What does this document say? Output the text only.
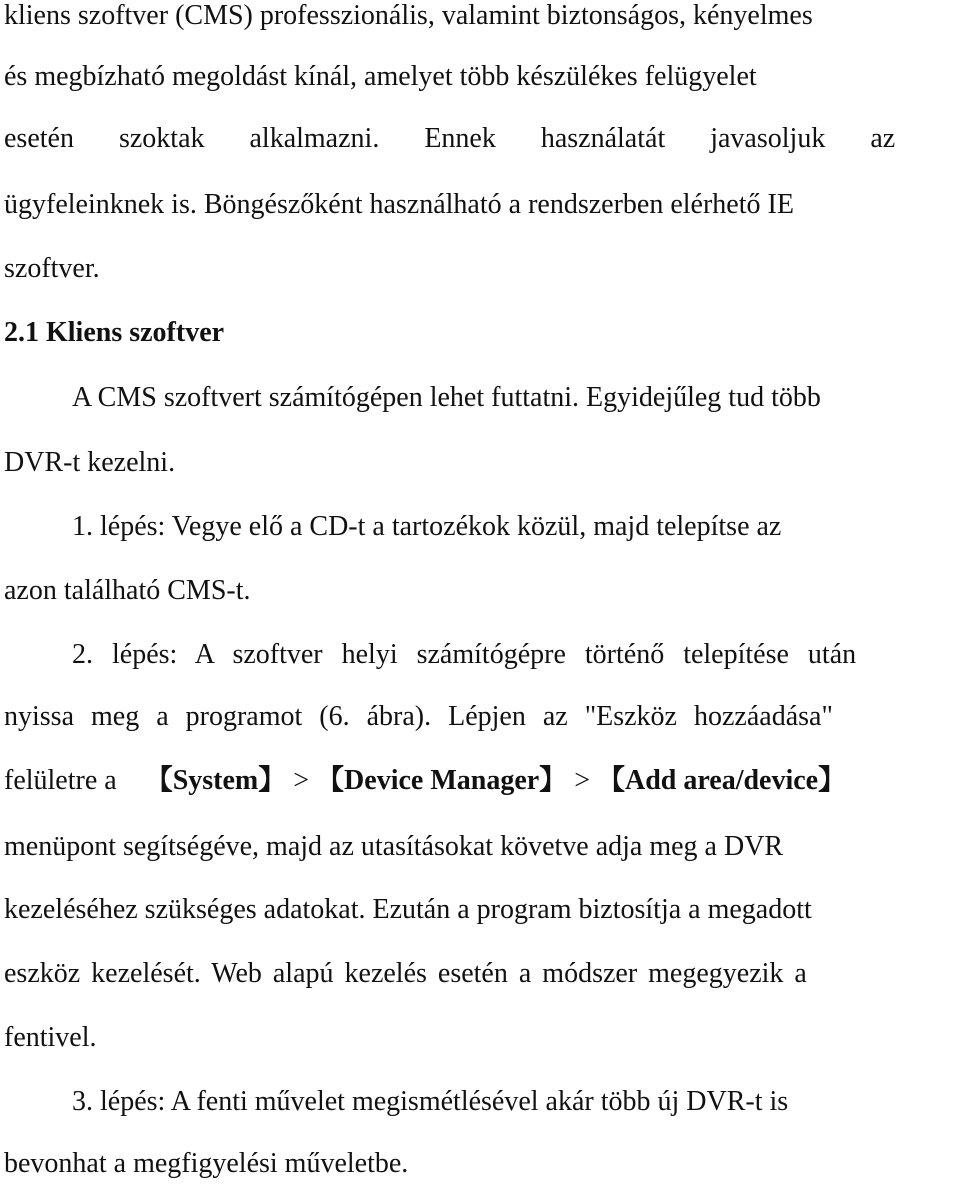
kliens szoftver (CMS) professzionális, valamint biztonságos, kényelmes
és megbízható megoldást kínál, amelyet több készülékes felügyelet
esetén szoktak alkalmazni. Ennek használatát javasoljuk az
ügyfeleinknek is. Böngészőként használható a rendszerben elérhető IE
szoftver.
2.1 Kliens szoftver
A CMS szoftvert számítógépen lehet futtatni. Egyidejűleg tud több
DVR-t kezelni.
1. lépés: Vegye elő a CD-t a tartozékok közül, majd telepítse az
azon található CMS-t.
2. lépés: A szoftver helyi számítógépre történő telepítése után
nyissa meg a programot (6. ábra). Lépjen az "Eszköz hozzáadása"
felületre a 【System】 > 【Device Manager】 > 【Add area/device】
menüpont segítségéve, majd az utasításokat követve adja meg a DVR
kezeléséhez szükséges adatokat. Ezután a program biztosítja a megadott
eszköz kezelését. Web alapú kezelés esetén a módszer megegyezik a
fentivel.
3. lépés: A fenti művelet megismétlésével akár több új DVR-t is
bevonhat a megfigyelési műveletbe.
